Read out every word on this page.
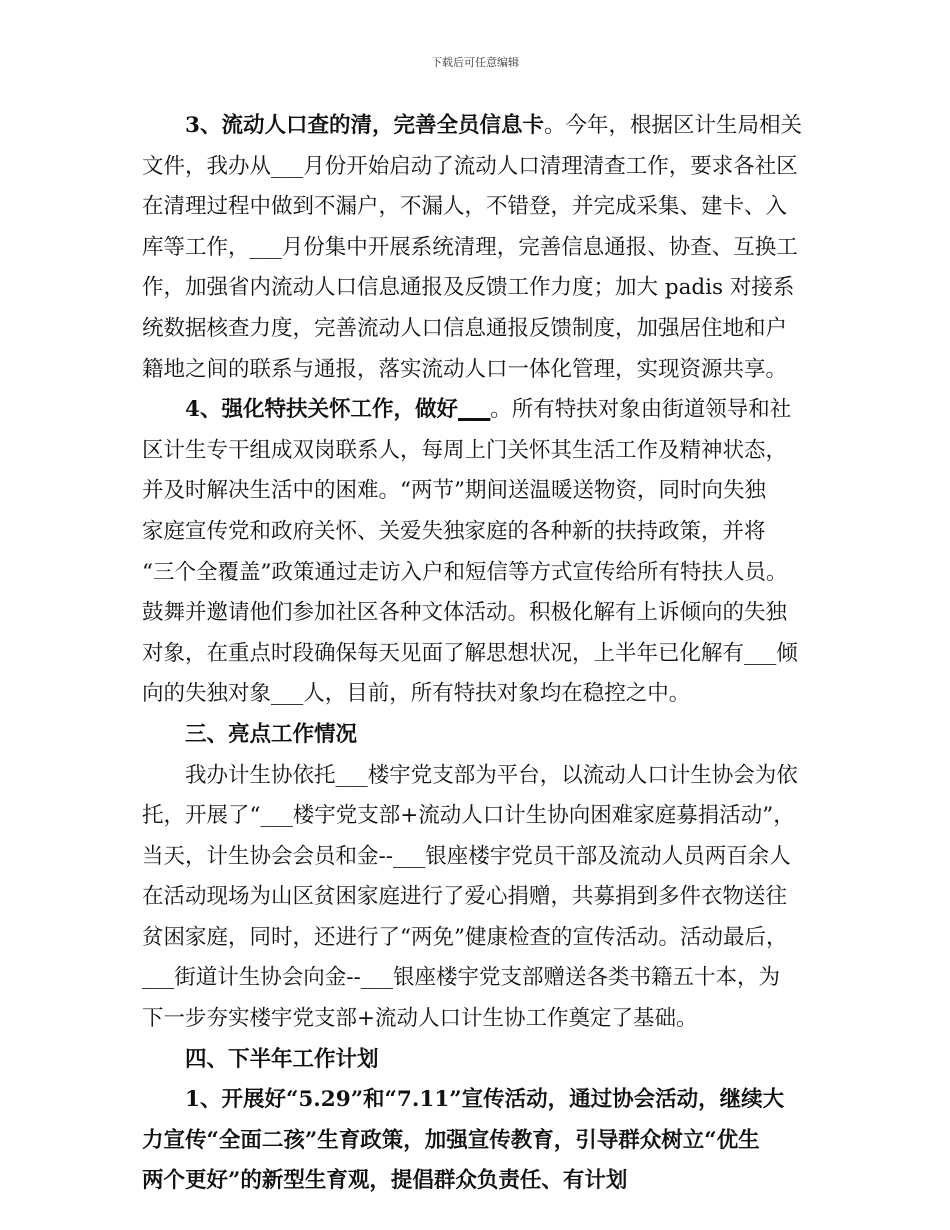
下载后可任意编辑
3、流动人口查的清，完善全员信息卡。今年，根据区计生局相关
文件，我办从___月份开始启动了流动人口清理清查工作，要求各社区
在清理过程中做到不漏户，不漏人，不错登，并完成采集、建卡、入
库等工作，___月份集中开展系统清理，完善信息通报、协查、互换工
作，加强省内流动人口信息通报及反馈工作力度；加大 padis 对接系
统数据核查力度，完善流动人口信息通报反馈制度，加强居住地和户
籍地之间的联系与通报，落实流动人口一体化管理，实现资源共享。
4、强化特扶关怀工作，做好___。所有特扶对象由街道领导和社
区计生专干组成双岗联系人，每周上门关怀其生活工作及精神状态，
并及时解决生活中的困难。“两节”期间送温暖送物资，同时向失独
家庭宣传党和政府关怀、关爱失独家庭的各种新的扶持政策，并将
“三个全覆盖”政策通过走访入户和短信等方式宣传给所有特扶人员。
鼓舞并邀请他们参加社区各种文体活动。积极化解有上诉倾向的失独
对象，在重点时段确保每天见面了解思想状况，上半年已化解有___倾
向的失独对象___人，目前，所有特扶对象均在稳控之中。
三、亮点工作情况
我办计生协依托___楼宇党支部为平台，以流动人口计生协会为依
托，开展了“___楼宇党支部+流动人口计生协向困难家庭募捐活动”，
当天，计生协会会员和金--___银座楼宇党员干部及流动人员两百余人
在活动现场为山区贫困家庭进行了爱心捐赠，共募捐到多件衣物送往
贫困家庭，同时，还进行了“两免”健康检查的宣传活动。活动最后，
___街道计生协会向金--___银座楼宇党支部赠送各类书籍五十本，为
下一步夯实楼宇党支部+流动人口计生协工作奠定了基础。
四、下半年工作计划
1、开展好“5.29”和“7.11”宣传活动，通过协会活动，继续大
力宣传“全面二孩”生育政策，加强宣传教育，引导群众树立“优生
两个更好”的新型生育观，提倡群众负责任、有计划
